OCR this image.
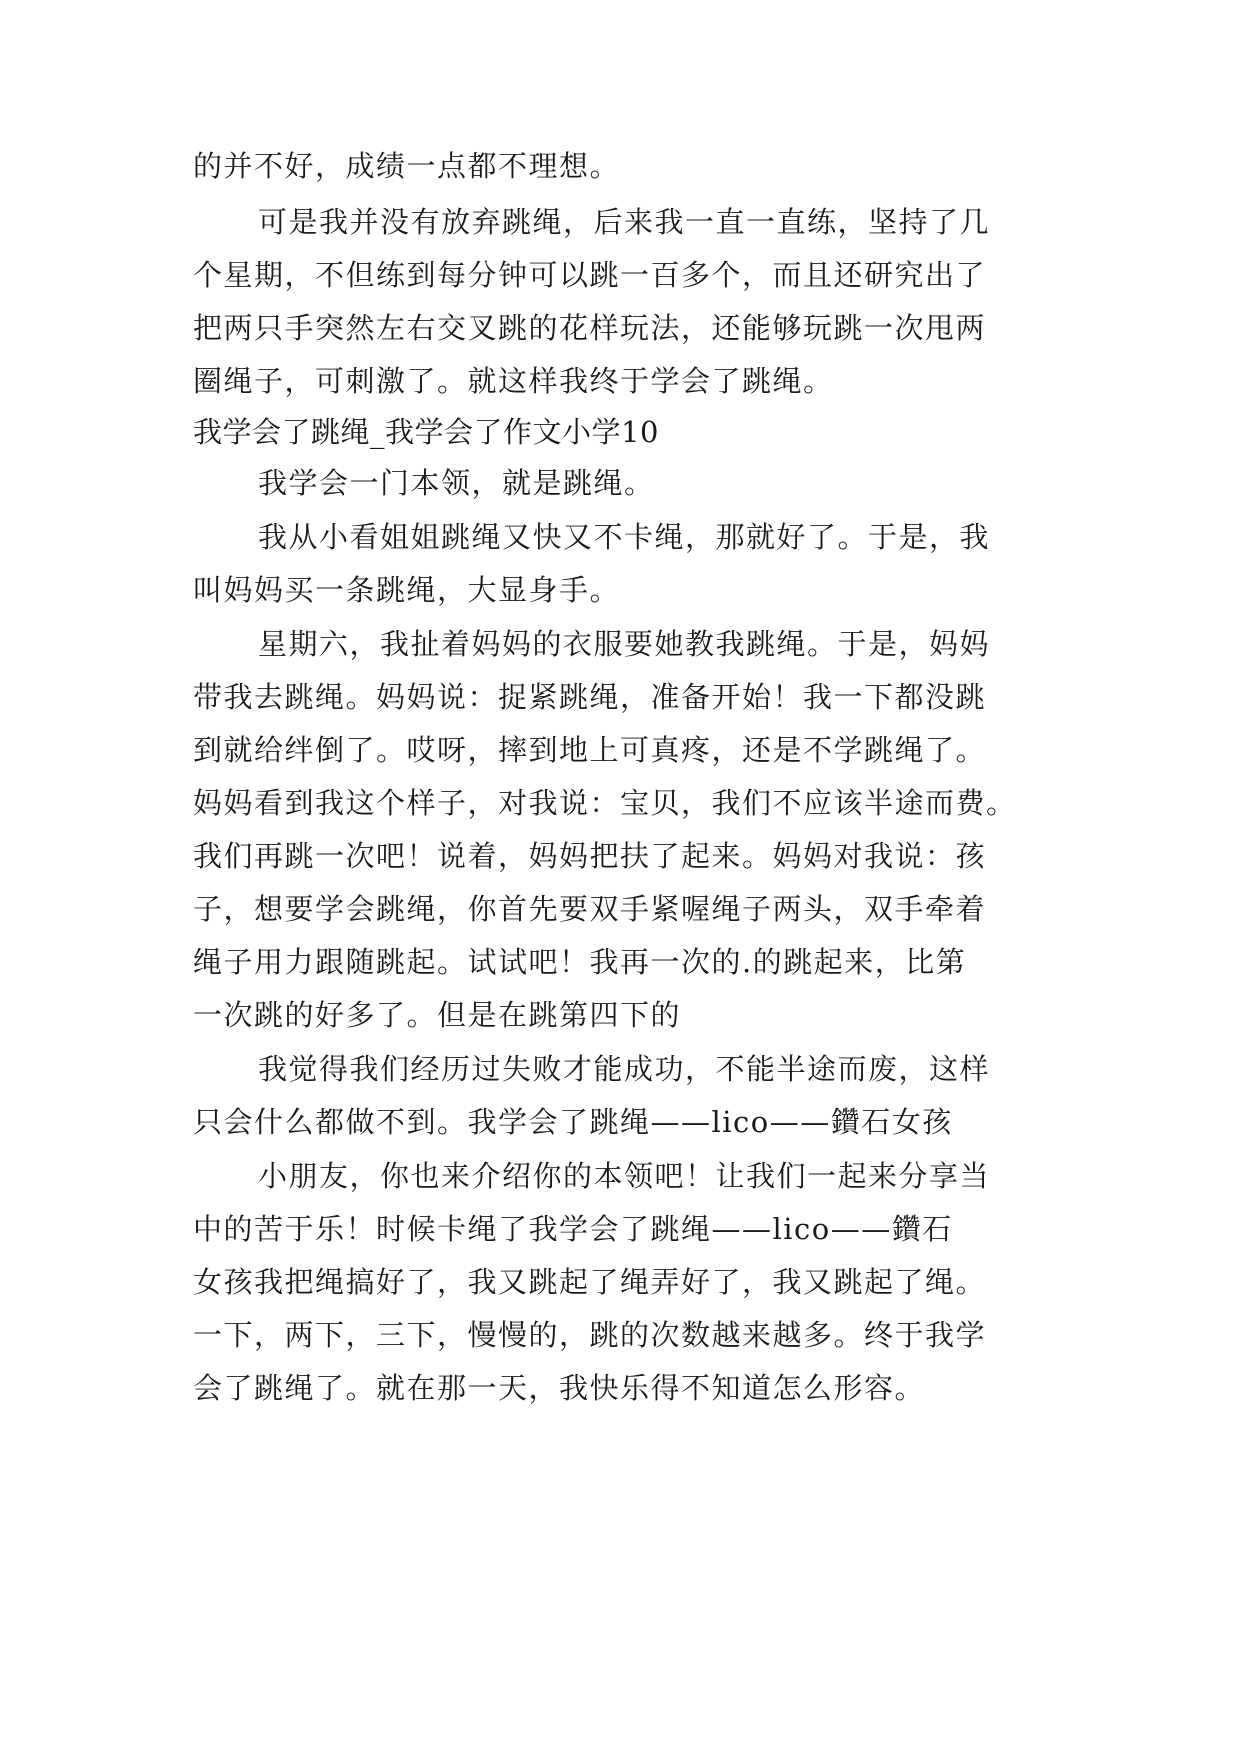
的并不好，成绩一点都不理想。
可是我并没有放弃跳绳，后来我一直一直练，坚持了几
个星期，不但练到每分钟可以跳一百多个，而且还研究出了
把两只手突然左右交叉跳的花样玩法，还能够玩跳一次甩两
圈绳子，可刺激了。就这样我终于学会了跳绳。
我学会了跳绳_我学会了作文小学10
我学会一门本领，就是跳绳。
我从小看姐姐跳绳又快又不卡绳，那就好了。于是，我
叫妈妈买一条跳绳，大显身手。
星期六，我扯着妈妈的衣服要她教我跳绳。于是，妈妈
带我去跳绳。妈妈说：捉紧跳绳，准备开始！我一下都没跳
到就给绊倒了。哎呀，摔到地上可真疼，还是不学跳绳了。
妈妈看到我这个样子，对我说：宝贝，我们不应该半途而费。
我们再跳一次吧！说着，妈妈把扶了起来。妈妈对我说：孩
子，想要学会跳绳，你首先要双手紧喔绳子两头，双手牵着
绳子用力跟随跳起。试试吧！我再一次的.的跳起来，比第
一次跳的好多了。但是在跳第四下的
我觉得我们经历过失败才能成功，不能半途而废，这样
只会什么都做不到。我学会了跳绳——lico——鑽石女孩
小朋友，你也来介绍你的本领吧！让我们一起来分享当
中的苦于乐！时候卡绳了我学会了跳绳——lico——鑽石
女孩我把绳搞好了，我又跳起了绳弄好了，我又跳起了绳。
一下，两下，三下，慢慢的，跳的次数越来越多。终于我学
会了跳绳了。就在那一天，我快乐得不知道怎么形容。
